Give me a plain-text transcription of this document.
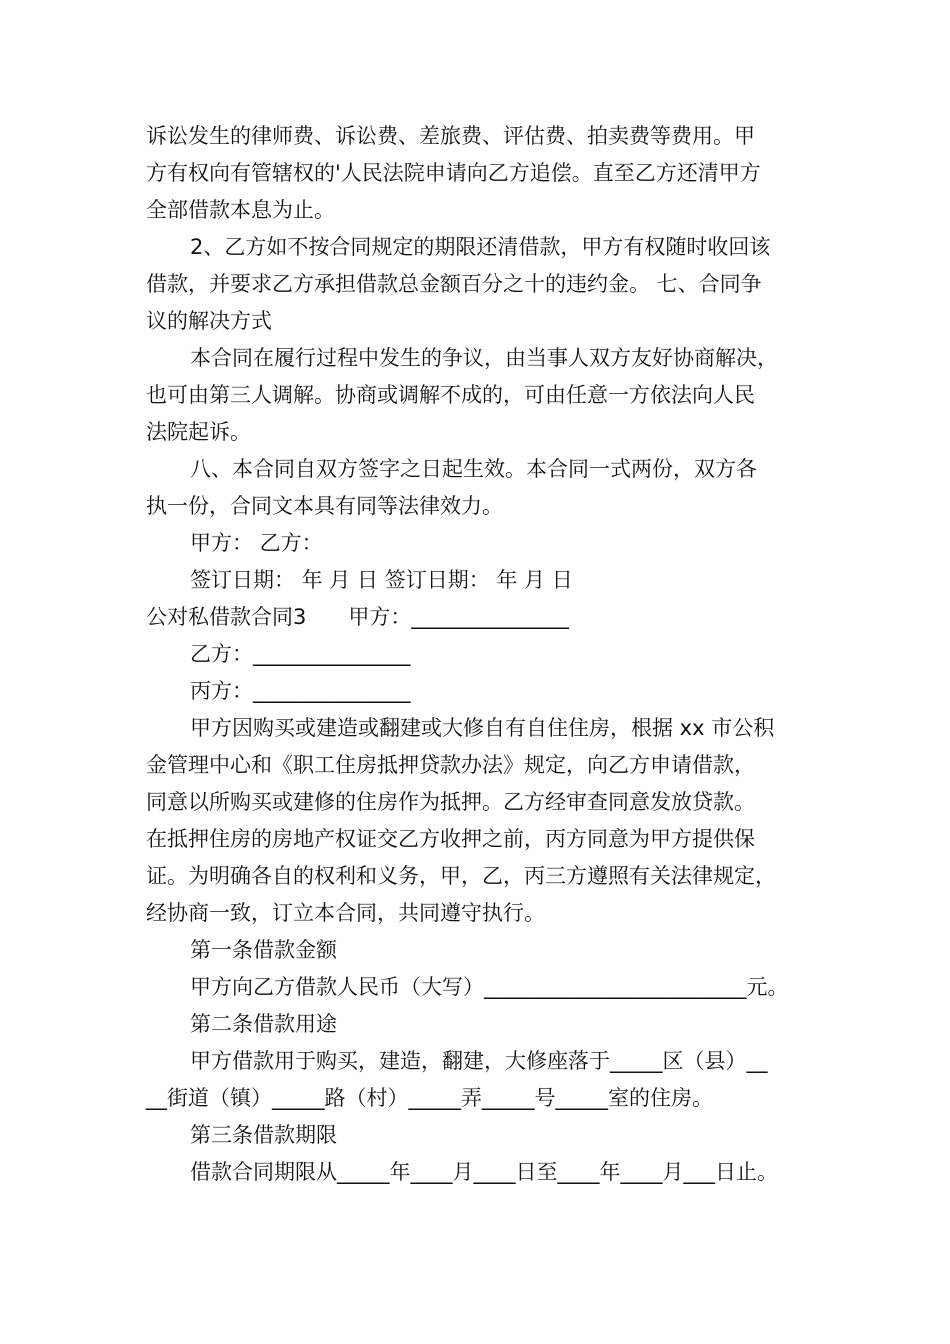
诉讼发生的律师费、诉讼费、差旅费、评估费、拍卖费等费用。甲
方有权向有管辖权的'人民法院申请向乙方追偿。直至乙方还清甲方
全部借款本息为止。
2、乙方如不按合同规定的期限还清借款，甲方有权随时收回该
借款，并要求乙方承担借款总金额百分之十的违约金。 七、合同争
议的解决方式
本合同在履行过程中发生的争议，由当事人双方友好协商解决，
也可由第三人调解。协商或调解不成的，可由任意一方依法向人民
法院起诉。
八、本合同自双方签字之日起生效。本合同一式两份，双方各
执一份，合同文本具有同等法律效力。
甲方： 乙方：
签订日期： 年 月 日 签订日期： 年 月 日
公对私借款合同3　　甲方：_______________
乙方：_______________
丙方：_______________
甲方因购买或建造或翻建或大修自有自住住房，根据 xx 市公积
金管理中心和《职工住房抵押贷款办法》规定，向乙方申请借款，
同意以所购买或建修的住房作为抵押。乙方经审查同意发放贷款。
在抵押住房的房地产权证交乙方收押之前，丙方同意为甲方提供保
证。为明确各自的权利和义务，甲，乙，丙三方遵照有关法律规定，
经协商一致，订立本合同，共同遵守执行。
第一条借款金额
甲方向乙方借款人民币（大写）_________________________元。
第二条借款用途
甲方借款用于购买，建造，翻建，大修座落于_____区（县）__
__街道（镇）_____路（村）_____弄_____号_____室的住房。
第三条借款期限
借款合同期限从_____年____月____日至____年____月___日止。
